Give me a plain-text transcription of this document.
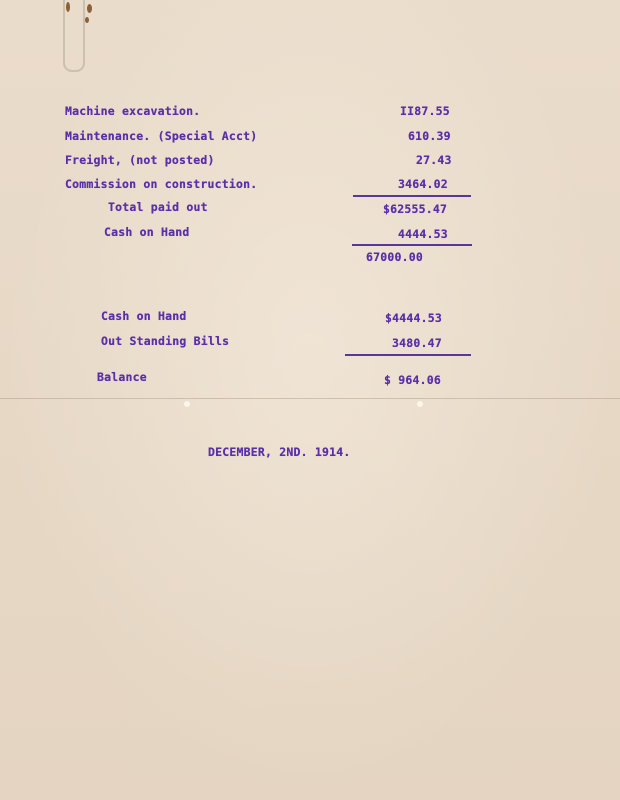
Machine excavation.	II87.55
Maintenance. (Special Acct)	610.39
Freight, (not posted)	27.43
Commission on construction.	3464.02
Total paid out	$62555.47
Cash on Hand	4444.53
67000.00
Cash on Hand	$4444.53
Out Standing Bills	3480.47
Balance	$ 964.06
DECEMBER, 2ND. 1914.
